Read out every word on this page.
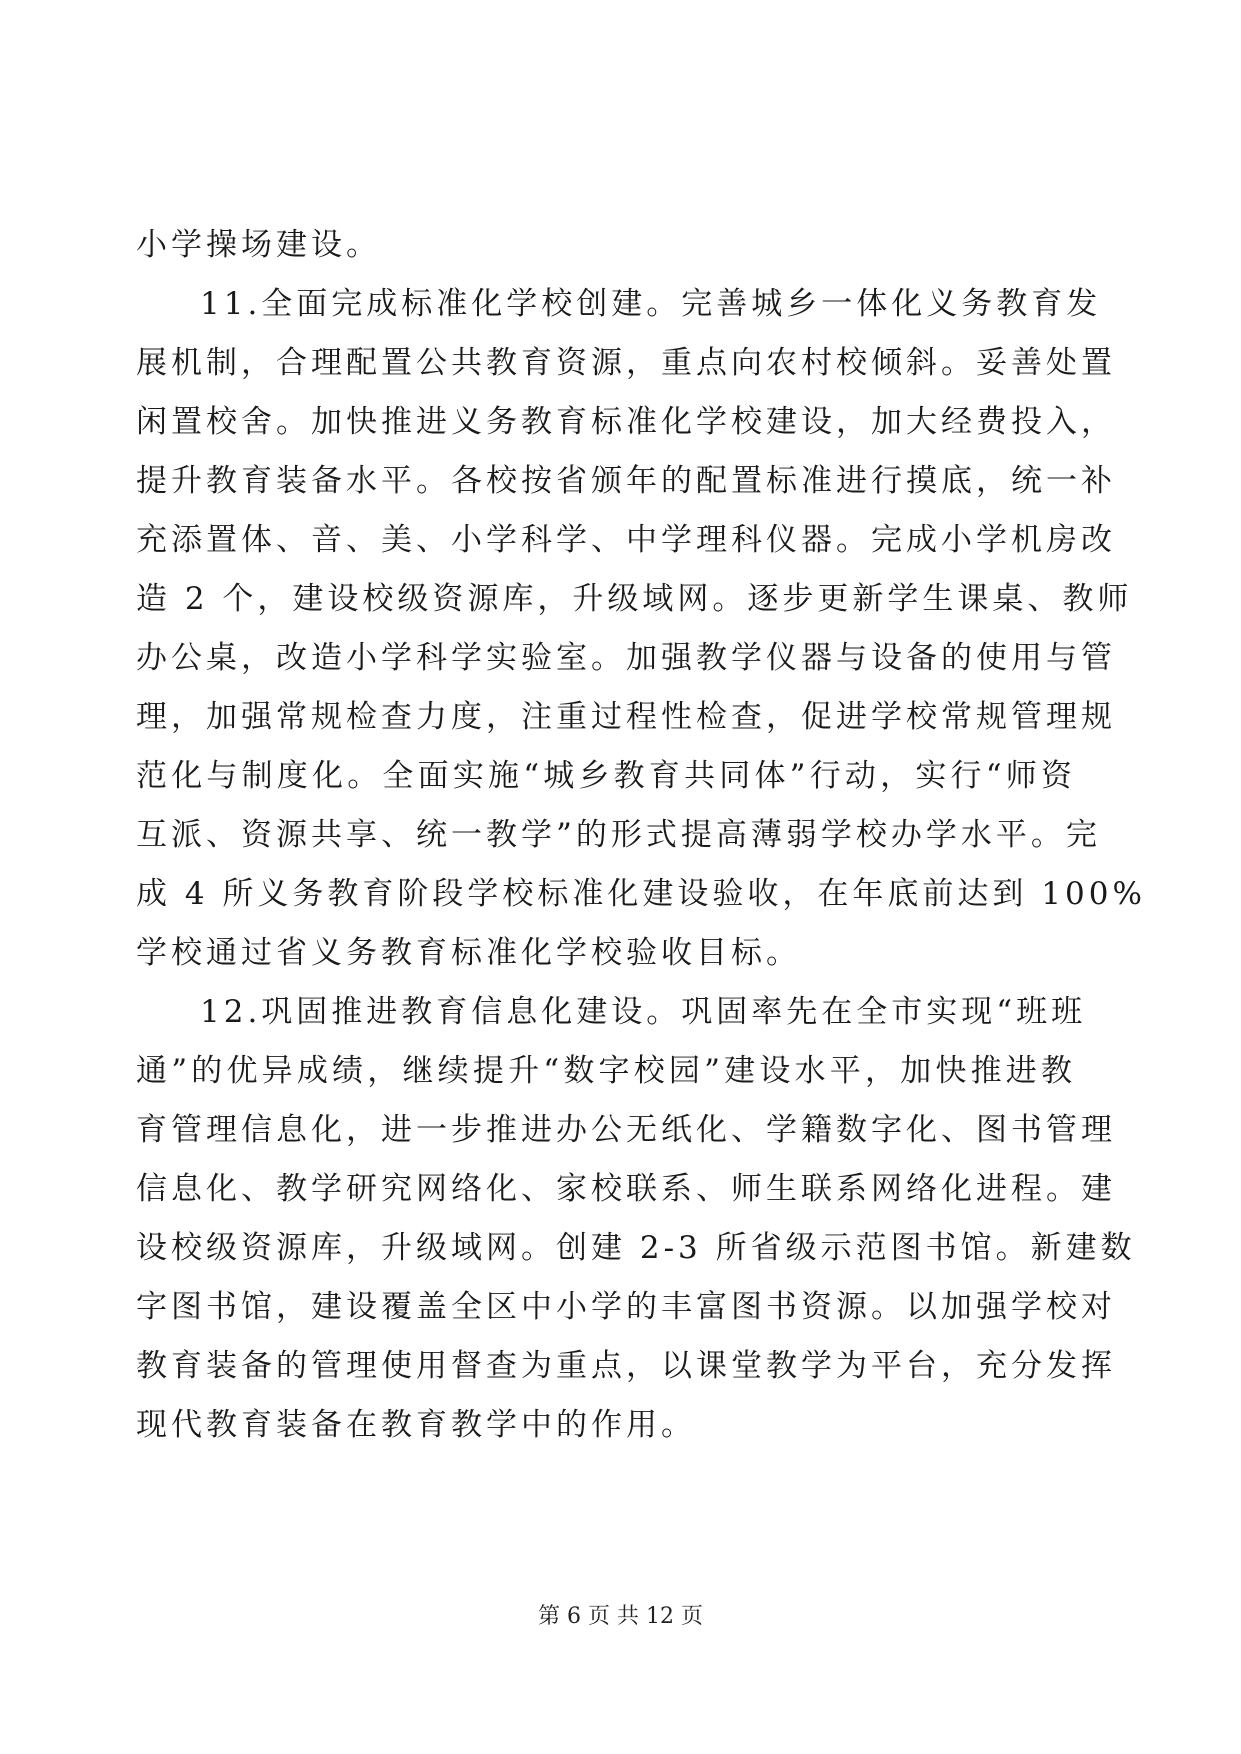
小学操场建设。
11.全面完成标准化学校创建。完善城乡一体化义务教育发
展机制，合理配置公共教育资源，重点向农村校倾斜。妥善处置
闲置校舍。加快推进义务教育标准化学校建设，加大经费投入，
提升教育装备水平。各校按省颁年的配置标准进行摸底，统一补
充添置体、音、美、小学科学、中学理科仪器。完成小学机房改
造 2 个，建设校级资源库，升级域网。逐步更新学生课桌、教师
办公桌，改造小学科学实验室。加强教学仪器与设备的使用与管
理，加强常规检查力度，注重过程性检查，促进学校常规管理规
范化与制度化。全面实施“城乡教育共同体”行动，实行“师资
互派、资源共享、统一教学”的形式提高薄弱学校办学水平。完
成 4 所义务教育阶段学校标准化建设验收，在年底前达到 100%
学校通过省义务教育标准化学校验收目标。
12.巩固推进教育信息化建设。巩固率先在全市实现“班班
通”的优异成绩，继续提升“数字校园”建设水平，加快推进教
育管理信息化，进一步推进办公无纸化、学籍数字化、图书管理
信息化、教学研究网络化、家校联系、师生联系网络化进程。建
设校级资源库，升级域网。创建 2-3 所省级示范图书馆。新建数
字图书馆，建设覆盖全区中小学的丰富图书资源。以加强学校对
教育装备的管理使用督查为重点，以课堂教学为平台，充分发挥
现代教育装备在教育教学中的作用。
第 6 页 共 12 页
